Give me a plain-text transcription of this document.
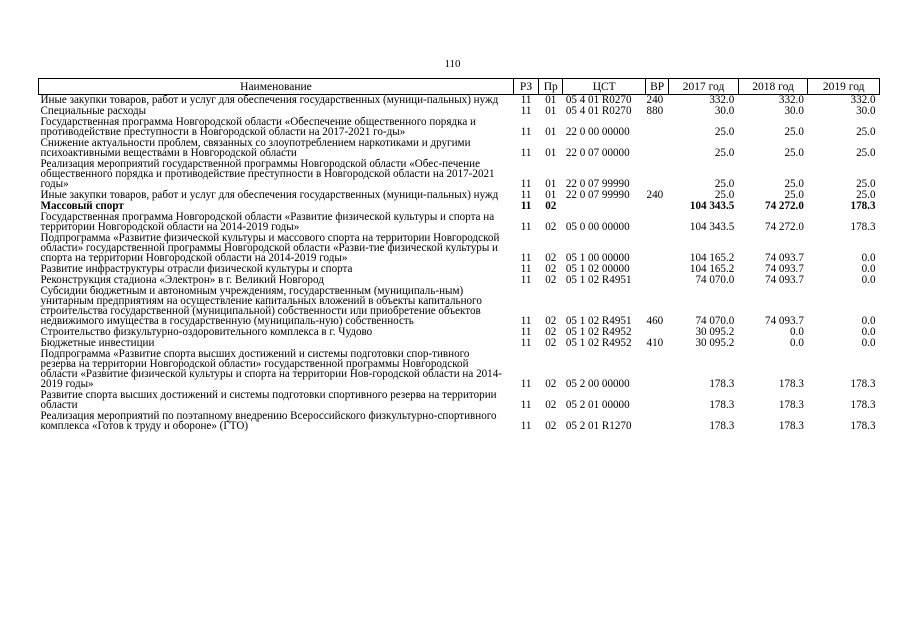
110
Наименование	РЗ	Пр	ЦСТ	ВР	2017 год	2018 год	2019 год
Иные закупки товаров, работ и услуг для обеспечения государственных (муници-пальных) нужд	11	01	05 4 01 R0270	240	332.0	332.0	332.0
Специальные расходы	11	01	05 4 01 R0270	880	30.0	30.0	30.0
Государственная программа Новгородской области «Обеспечение общественного порядка и противодействие преступности в Новгородской области на 2017-2021 го-ды»	11	01	22 0 00 00000		25.0	25.0	25.0
Снижение актуальности проблем, связанных со злоупотреблением наркотиками и другими психоактивными веществами в Новгородской области	11	01	22 0 07 00000		25.0	25.0	25.0
Реализация мероприятий государственной программы Новгородской области «Обес-печение общественного порядка и противодействие преступности в Новгородской области на 2017-2021 годы»	11	01	22 0 07 99990		25.0	25.0	25.0
Иные закупки товаров, работ и услуг для обеспечения государственных (муници-пальных) нужд	11	01	22 0 07 99990	240	25.0	25.0	25.0
Массовый спорт	11	02			104 343.5	74 272.0	178.3
Государственная программа Новгородской области «Развитие физической культуры и спорта на территории Новгородской области на 2014-2019 годы»	11	02	05 0 00 00000		104 343.5	74 272.0	178.3
Подпрограмма «Развитие физической культуры и массового спорта на территории Новгородской области» государственной программы Новгородской области «Разви-тие физической культуры и спорта на территории Новгородской области на 2014-2019 годы»	11	02	05 1 00 00000		104 165.2	74 093.7	0.0
Развитие инфраструктуры отрасли физической культуры и спорта	11	02	05 1 02 00000		104 165.2	74 093.7	0.0
Реконструкция стадиона «Электрон» в г. Великий Новгород	11	02	05 1 02 R4951		74 070.0	74 093.7	0.0
Субсидии бюджетным и автономным учреждениям, государственным (муниципаль-ным) унитарным предприятиям на осуществление капитальных вложений в объекты капитального строительства государственной (муниципальной) собственности или приобретение объектов недвижимого имущества в государственную (муниципаль-ную) собственность	11	02	05 1 02 R4951	460	74 070.0	74 093.7	0.0
Строительство физкультурно-оздоровительного комплекса в г. Чудово	11	02	05 1 02 R4952		30 095.2	0.0	0.0
Бюджетные инвестиции	11	02	05 1 02 R4952	410	30 095.2	0.0	0.0
Подпрограмма «Развитие спорта высших достижений и системы подготовки спор-тивного резерва на территории Новгородской области» государственной программы Новгородской области «Развитие физической культуры и спорта на территории Нов-городской области на 2014-2019 годы»	11	02	05 2 00 00000		178.3	178.3	178.3
Развитие спорта высших достижений и системы подготовки спортивного резерва на территории области	11	02	05 2 01 00000		178.3	178.3	178.3
Реализация мероприятий по поэтапному внедрению Всероссийского физкультурно-спортивного комплекса «Готов к труду и обороне» (ГТО)	11	02	05 2 01 R1270		178.3	178.3	178.3
